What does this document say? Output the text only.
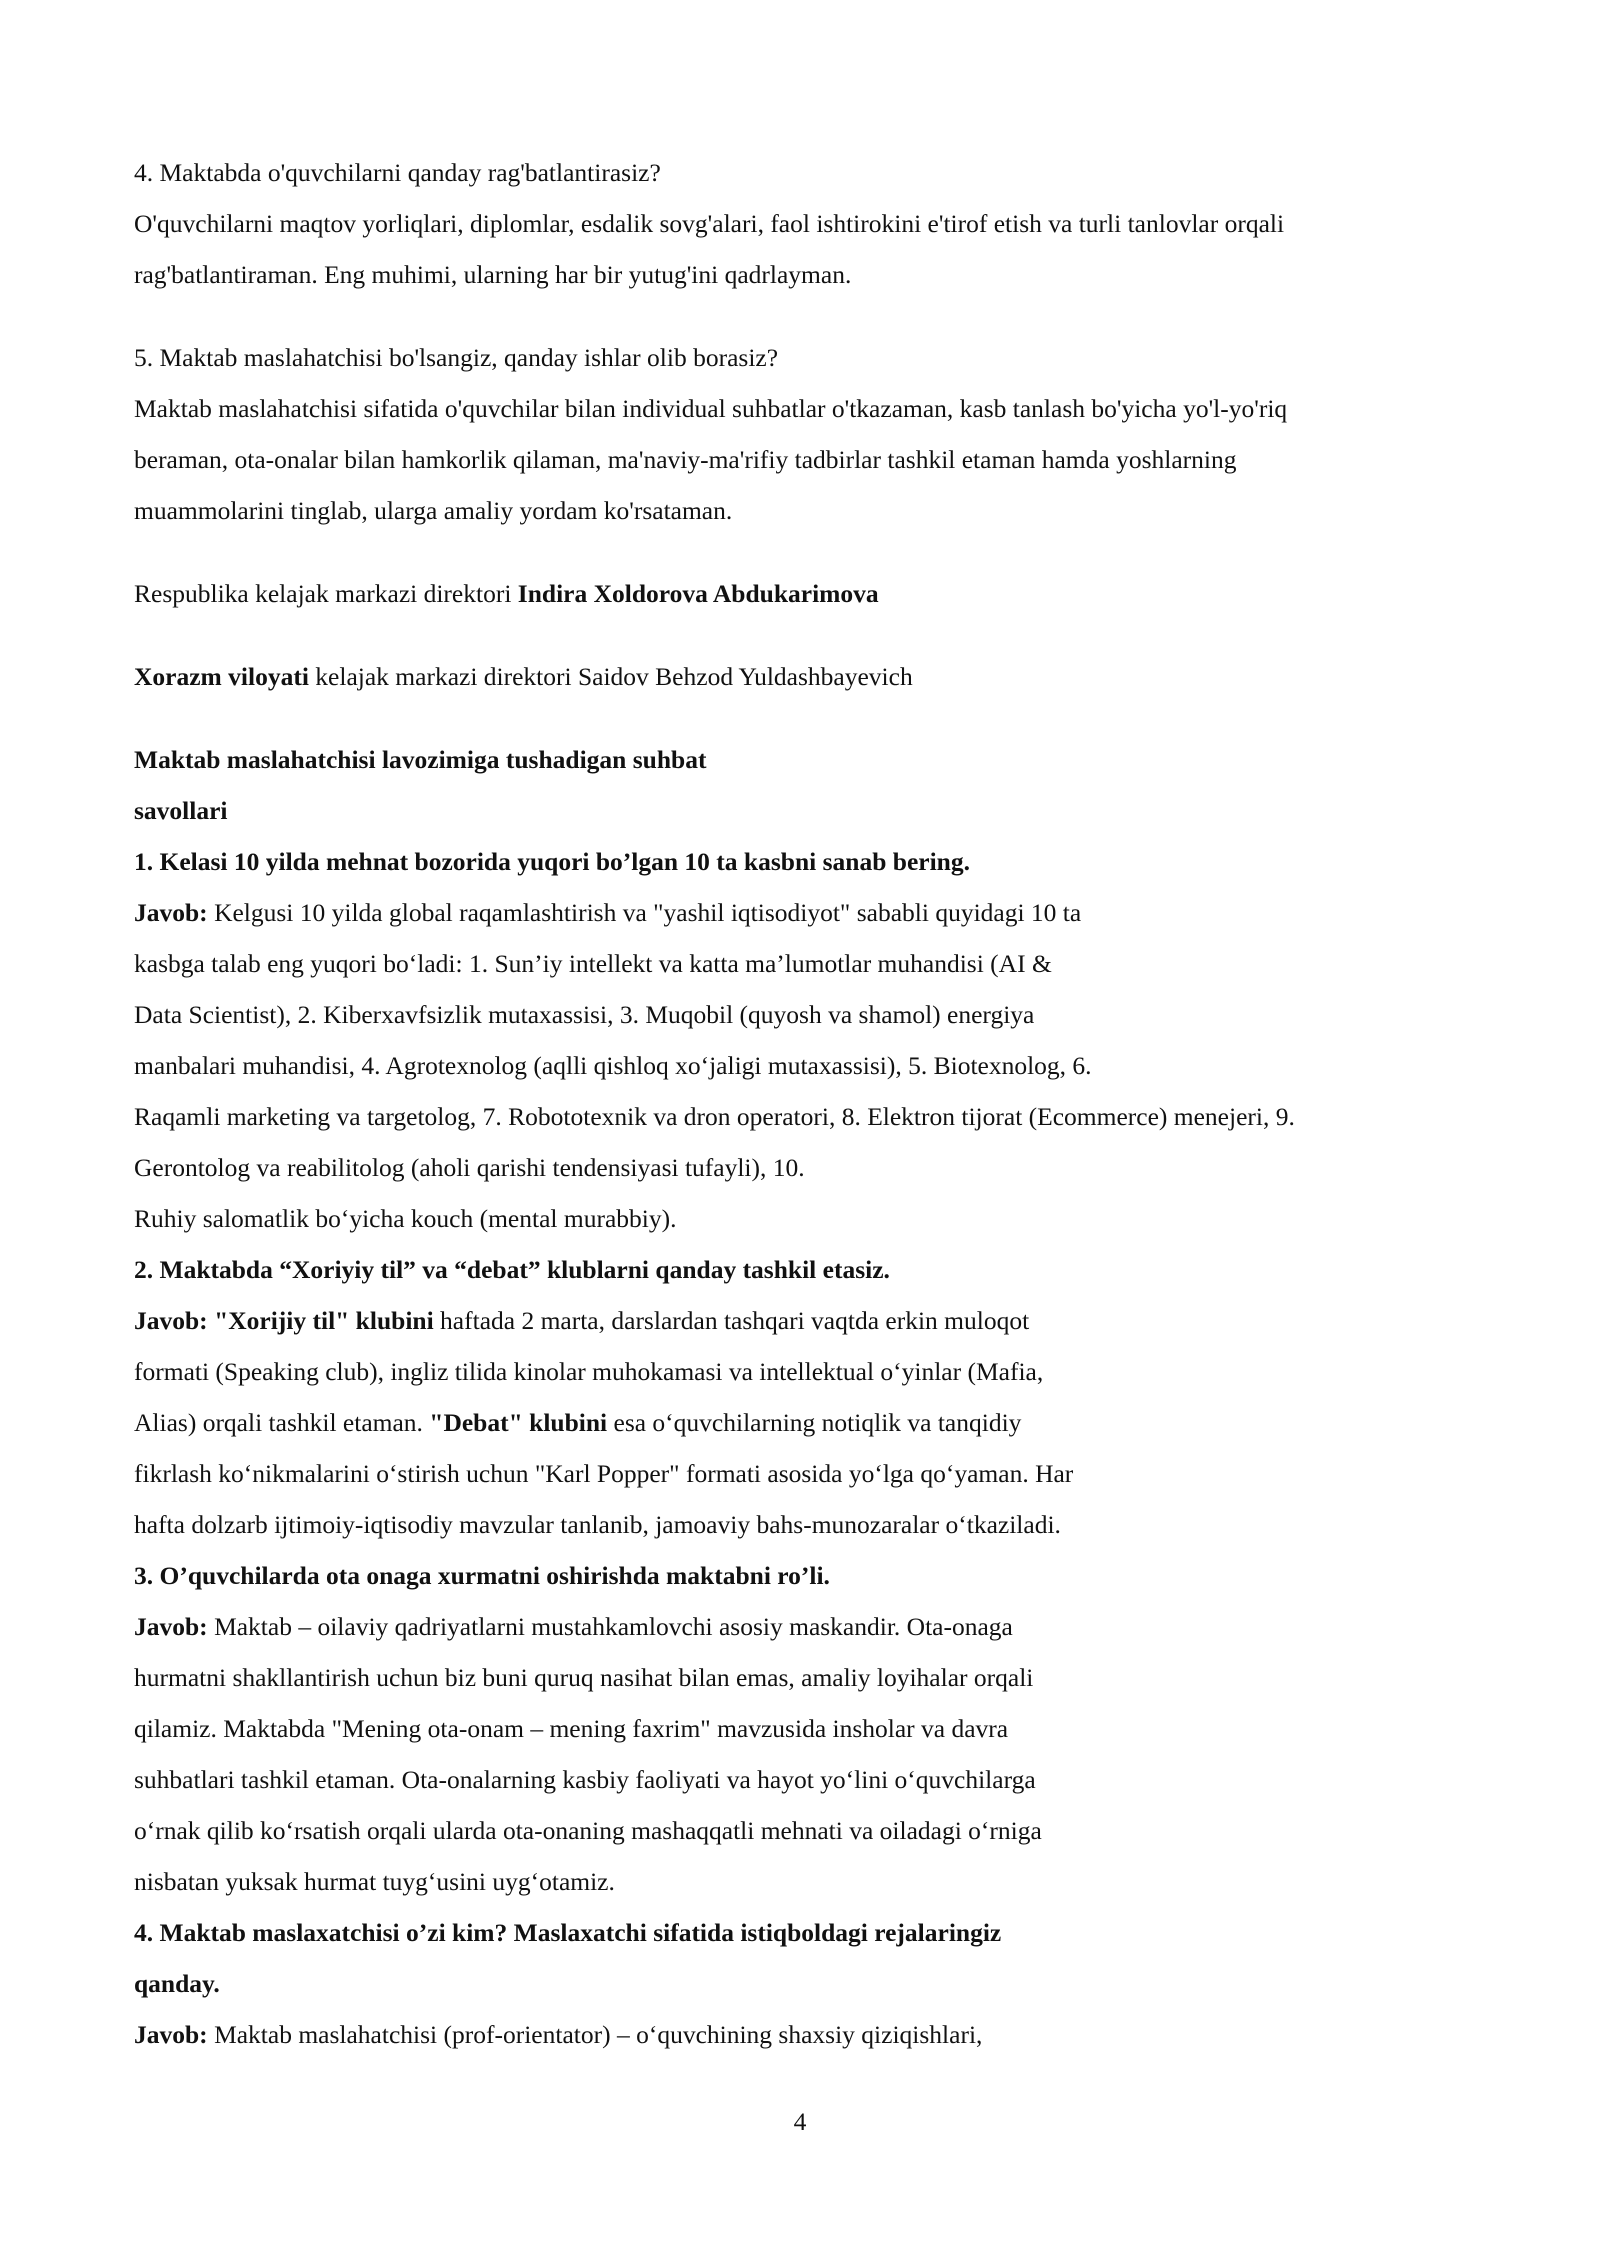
4. Maktabda o'quvchilarni qanday rag'batlantirasiz?
O'quvchilarni maqtov yorliqlari, diplomlar, esdalik sovg'alari, faol ishtirokini e'tirof etish va turli tanlovlar orqali
rag'batlantiraman. Eng muhimi, ularning har bir yutug'ini qadrlayman.
5. Maktab maslahatchisi bo'lsangiz, qanday ishlar olib borasiz?
Maktab maslahatchisi sifatida o'quvchilar bilan individual suhbatlar o'tkazaman, kasb tanlash bo'yicha yo'l-yo'riq
beraman, ota-onalar bilan hamkorlik qilaman, ma'naviy-ma'rifiy tadbirlar tashkil etaman hamda yoshlarning
muammolarini tinglab, ularga amaliy yordam ko'rsataman.
Respublika kelajak markazi direktori Indira Xoldorova Abdukarimova
Xorazm viloyati kelajak markazi direktori Saidov Behzod Yuldashbayevich
Maktab maslahatchisi lavozimiga tushadigan suhbat
savollari
1. Kelasi 10 yilda mehnat bozorida yuqori bo’lgan 10 ta kasbni sanab bering.
Javob: Kelgusi 10 yilda global raqamlashtirish va "yashil iqtisodiyot" sababli quyidagi 10 ta
kasbga talab eng yuqori boʻladi: 1. Sun’iy intellekt va katta ma’lumotlar muhandisi (AI &
Data Scientist), 2. Kiberxavfsizlik mutaxassisi, 3. Muqobil (quyosh va shamol) energiya
manbalari muhandisi, 4. Agrotexnolog (aqlli qishloq xoʻjaligi mutaxassisi), 5. Biotexnolog, 6.
Raqamli marketing va targetolog, 7. Robototexnik va dron operatori, 8. Elektron tijorat (Ecommerce) menejeri, 9.
Gerontolog va reabilitolog (aholi qarishi tendensiyasi tufayli), 10.
Ruhiy salomatlik boʻyicha kouch (mental murabbiy).
2. Maktabda “Xoriyiy til” va “debat” klublarni qanday tashkil etasiz.
Javob: "Xorijiy til" klubini haftada 2 marta, darslardan tashqari vaqtda erkin muloqot
formati (Speaking club), ingliz tilida kinolar muhokamasi va intellektual oʻyinlar (Mafia,
Alias) orqali tashkil etaman. "Debat" klubini esa oʻquvchilarning notiqlik va tanqidiy
fikrlash koʻnikmalarini oʻstirish uchun "Karl Popper" formati asosida yoʻlga qoʻyaman. Har
hafta dolzarb ijtimoiy-iqtisodiy mavzular tanlanib, jamoaviy bahs-munozaralar oʻtkaziladi.
3. O’quvchilarda ota onaga xurmatni oshirishda maktabni ro’li.
Javob: Maktab – oilaviy qadriyatlarni mustahkamlovchi asosiy maskandir. Ota-onaga
hurmatni shakllantirish uchun biz buni quruq nasihat bilan emas, amaliy loyihalar orqali
qilamiz. Maktabda "Mening ota-onam – mening faxrim" mavzusida insholar va davra
suhbatlari tashkil etaman. Ota-onalarning kasbiy faoliyati va hayot yoʻlini oʻquvchilarga
oʻrnak qilib koʻrsatish orqali ularda ota-onaning mashaqqatli mehnati va oiladagi oʻrniga
nisbatan yuksak hurmat tuygʻusini uygʻotamiz.
4. Maktab maslaxatchisi o’zi kim? Maslaxatchi sifatida istiqboldagi rejalaringiz
qanday.
Javob: Maktab maslahatchisi (prof-orientator) – oʻquvchining shaxsiy qiziqishlari,
4
